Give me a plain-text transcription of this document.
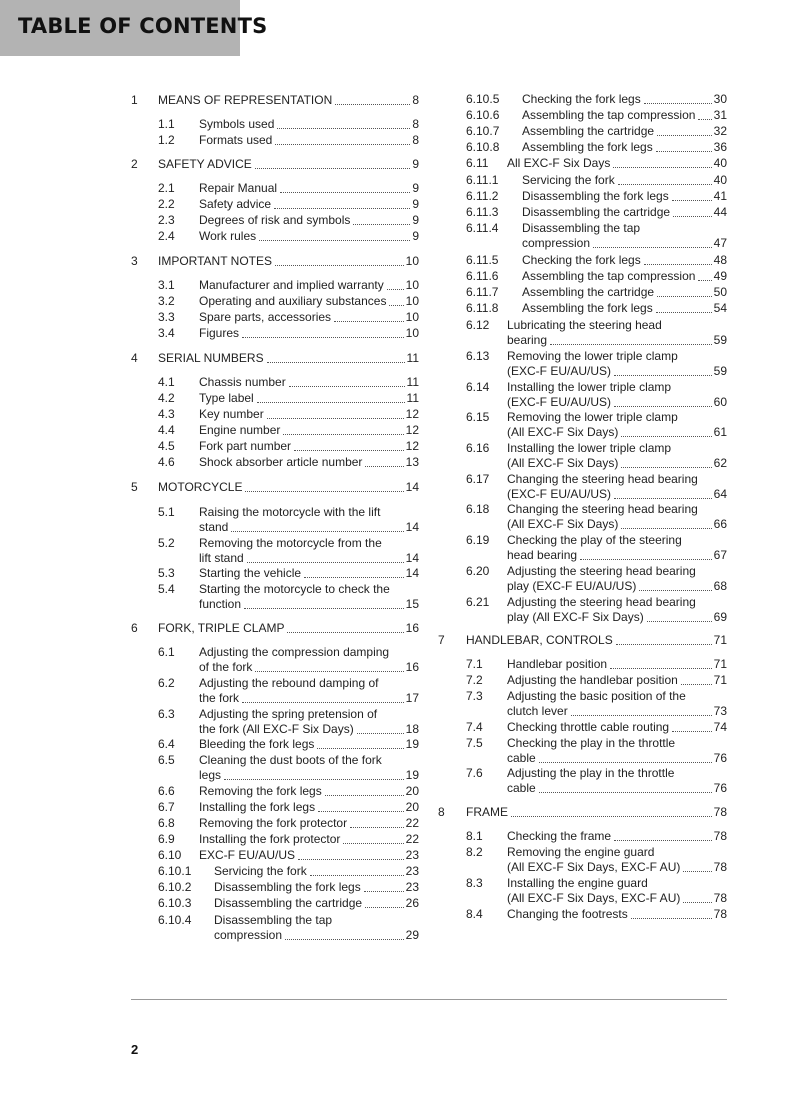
TABLE OF CONTENTS
1 MEANS OF REPRESENTATION	8
1.1 Symbols used	8
1.2 Formats used	8
2 SAFETY ADVICE	9
2.1 Repair Manual	9
2.2 Safety advice	9
2.3 Degrees of risk and symbols	9
2.4 Work rules	9
3 IMPORTANT NOTES	10
3.1 Manufacturer and implied warranty 10
3.2 Operating and auxiliary substances 10
3.3 Spare parts, accessories	10
3.4 Figures	10
4 SERIAL NUMBERS	11
4.1 Chassis number	11
4.2 Type label	11
4.3 Key number	12
4.4 Engine number	12
4.5 Fork part number	12
4.6 Shock absorber article number	13
5 MOTORCYCLE	14
5.1 Raising the motorcycle with the lift
stand	14
5.2 Removing the motorcycle from the
lift stand	14
5.3 Starting the vehicle	14
5.4 Starting the motorcycle to check the
function	15
6 FORK, TRIPLE CLAMP	16
6.1 Adjusting the compression damping
of the fork	16
6.2 Adjusting the rebound damping of
the fork	17
6.3 Adjusting the spring pretension of
the fork (All EXC-F Six Days)	18
6.4 Bleeding the fork legs	19
6.5 Cleaning the dust boots of the fork
legs	19
6.6 Removing the fork legs	20
6.7 Installing the fork legs	20
6.8 Removing the fork protector	22
6.9 Installing the fork protector	22
6.10 EXC-F EU/AU/US	23
6.10.1 Servicing the fork	23
6.10.2 Disassembling the fork legs	23
6.10.3 Disassembling the cartridge	26
6.10.4 Disassembling the tap
compression	29
6.10.5 Checking the fork legs	30
6.10.6 Assembling the tap compression 31
6.10.7 Assembling the cartridge	32
6.10.8 Assembling the fork legs	36
6.11 All EXC-F Six Days	40
6.11.1 Servicing the fork	40
6.11.2 Disassembling the fork legs	41
6.11.3 Disassembling the cartridge	44
6.11.4 Disassembling the tap
compression	47
6.11.5 Checking the fork legs	48
6.11.6 Assembling the tap compression 49
6.11.7 Assembling the cartridge	50
6.11.8 Assembling the fork legs	54
6.12 Lubricating the steering head
bearing	59
6.13 Removing the lower triple clamp
(EXC-F EU/AU/US)	59
6.14 Installing the lower triple clamp
(EXC-F EU/AU/US)	60
6.15 Removing the lower triple clamp
(All EXC-F Six Days)	61
6.16 Installing the lower triple clamp
(All EXC-F Six Days)	62
6.17 Changing the steering head bearing
(EXC-F EU/AU/US)	64
6.18 Changing the steering head bearing
(All EXC-F Six Days)	66
6.19 Checking the play of the steering
head bearing	67
6.20 Adjusting the steering head bearing
play (EXC-F EU/AU/US)	68
6.21 Adjusting the steering head bearing
play (All EXC-F Six Days)	69
7 HANDLEBAR, CONTROLS	71
7.1 Handlebar position	71
7.2 Adjusting the handlebar position	71
7.3 Adjusting the basic position of the
clutch lever	73
7.4 Checking throttle cable routing	74
7.5 Checking the play in the throttle
cable	76
7.6 Adjusting the play in the throttle
cable	76
8 FRAME	78
8.1 Checking the frame	78
8.2 Removing the engine guard
(All EXC-F Six Days, EXC-F AU)	78
8.3 Installing the engine guard
(All EXC-F Six Days, EXC-F AU)	78
8.4 Changing the footrests	78
2
